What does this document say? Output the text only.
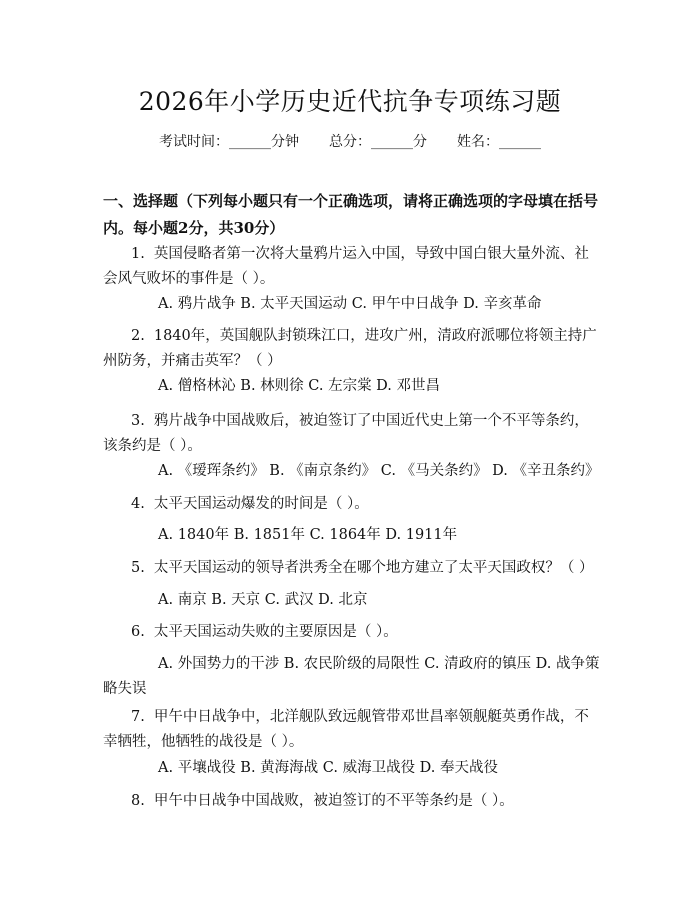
2026年小学历史近代抗争专项练习题
考试时间：______分钟 总分：______分 姓名：______
一、选择题（下列每小题只有一个正确选项，请将正确选项的字母填在括号内。每小题2分，共30分）
1. 英国侵略者第一次将大量鸦片运入中国，导致中国白银大量外流、社会风气败坏的事件是（ ）。
A. 鸦片战争 B. 太平天国运动 C. 甲午中日战争 D. 辛亥革命
2. 1840年，英国舰队封锁珠江口，进攻广州，清政府派哪位将领主持广州防务，并痛击英军？（ ）
A. 僧格林沁 B. 林则徐 C. 左宗棠 D. 邓世昌
3. 鸦片战争中国战败后，被迫签订了中国近代史上第一个不平等条约，该条约是（ ）。
A. 《瑷珲条约》 B. 《南京条约》 C. 《马关条约》 D. 《辛丑条约》
4. 太平天国运动爆发的时间是（ ）。
A. 1840年 B. 1851年 C. 1864年 D. 1911年
5. 太平天国运动的领导者洪秀全在哪个地方建立了太平天国政权？（ ）
A. 南京 B. 天京 C. 武汉 D. 北京
6. 太平天国运动失败的主要原因是（ ）。
A. 外国势力的干涉 B. 农民阶级的局限性 C. 清政府的镇压 D. 战争策略失误
7. 甲午中日战争中，北洋舰队致远舰管带邓世昌率领舰艇英勇作战，不幸牺牲，他牺牲的战役是（ ）。
A. 平壤战役 B. 黄海海战 C. 威海卫战役 D. 奉天战役
8. 甲午中日战争中国战败，被迫签订的不平等条约是（ ）。
